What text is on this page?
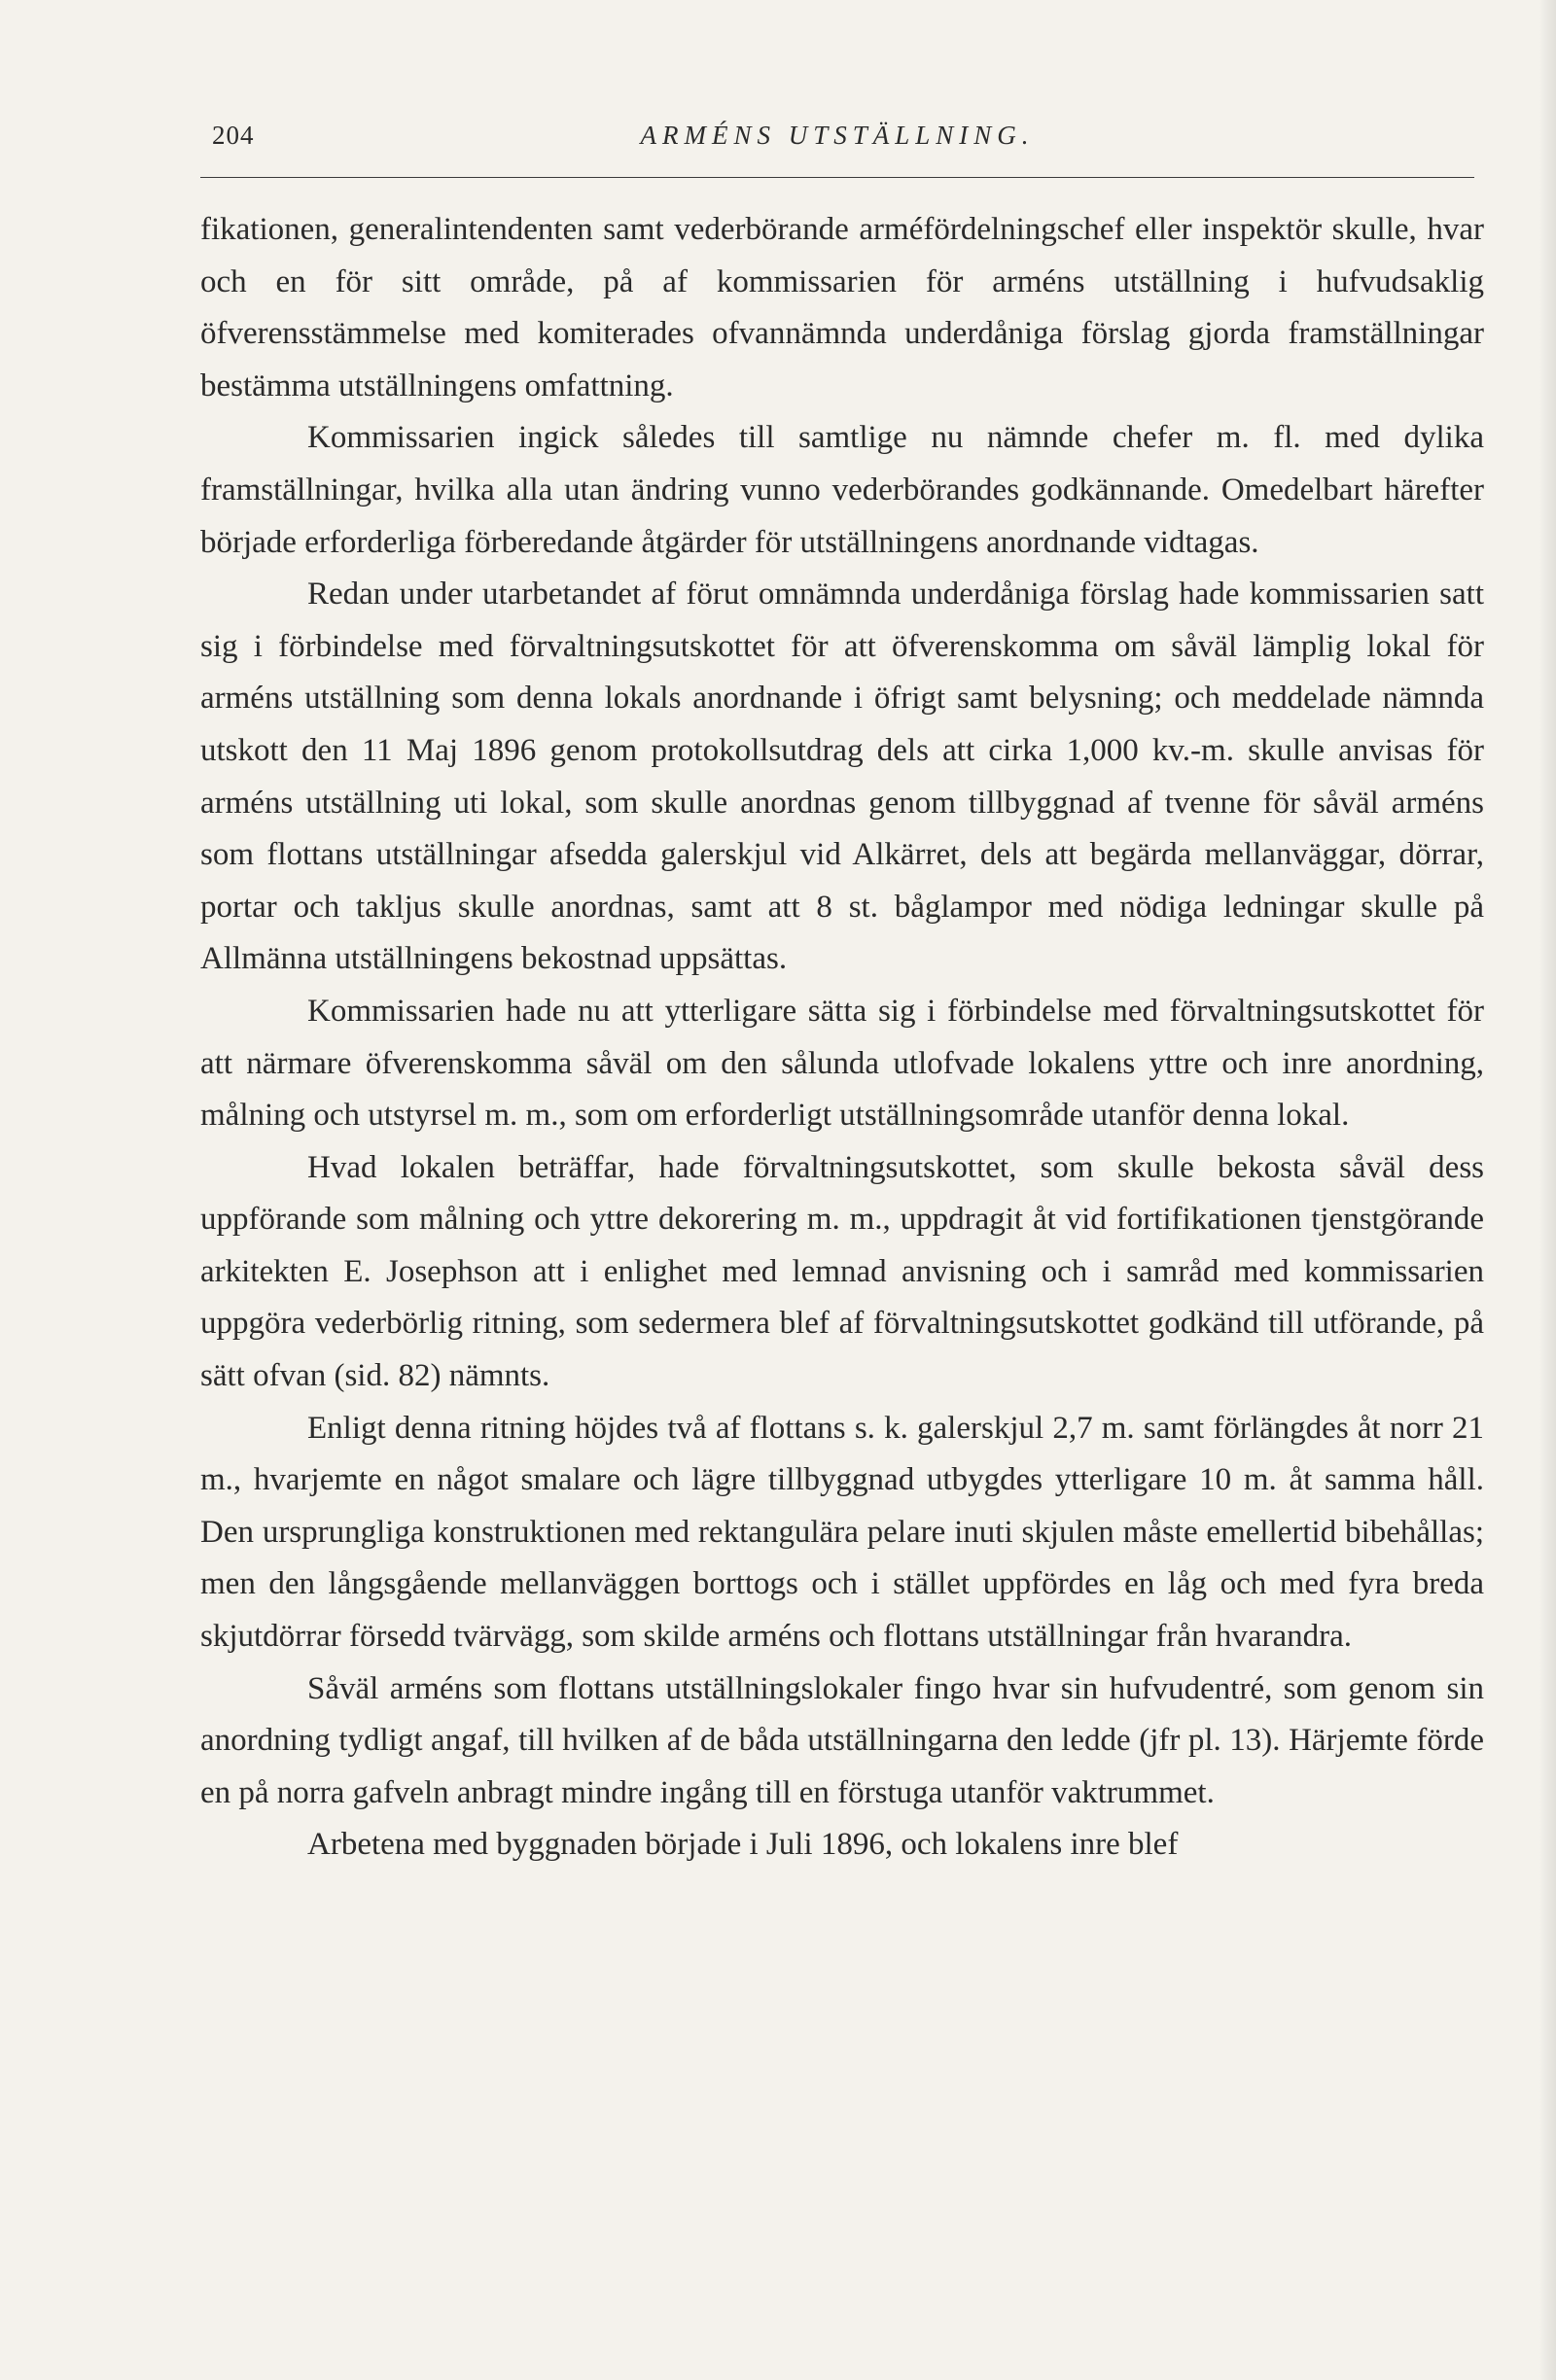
204	ARMÉNS UTSTÄLLNING.

fikationen, generalintendenten samt vederbörande arméfördelningschef eller inspektör skulle, hvar och en för sitt område, på af kommissarien för arméns utställning i hufvudsaklig öfverensstämmelse med komiterades ofvannämnda underdåniga förslag gjorda framställningar bestämma utställningens omfattning.

Kommissarien ingick således till samtlige nu nämnde chefer m. fl. med dylika framställningar, hvilka alla utan ändring vunno vederbörandes godkännande. Omedelbart härefter började erforderliga förberedande åtgärder för utställningens anordnande vidtagas.

Redan under utarbetandet af förut omnämnda underdåniga förslag hade kommissarien satt sig i förbindelse med förvaltningsutskottet för att öfverenskomma om såväl lämplig lokal för arméns utställning som denna lokals anordnande i öfrigt samt belysning; och meddelade nämnda utskott den 11 Maj 1896 genom protokollsutdrag dels att cirka 1,000 kv.-m. skulle anvisas för arméns utställning uti lokal, som skulle anordnas genom tillbyggnad af tvenne för såväl arméns som flottans utställningar afsedda galerskjul vid Alkärret, dels att begärda mellanväggar, dörrar, portar och takljus skulle anordnas, samt att 8 st. båglampor med nödiga ledningar skulle på Allmänna utställningens bekostnad uppsättas.

Kommissarien hade nu att ytterligare sätta sig i förbindelse med förvaltningsutskottet för att närmare öfverenskomma såväl om den sålunda utlofvade lokalens yttre och inre anordning, målning och utstyrsel m. m., som om erforderligt utställningsområde utanför denna lokal.

Hvad lokalen beträffar, hade förvaltningsutskottet, som skulle bekosta såväl dess uppförande som målning och yttre dekorering m. m., uppdragit åt vid fortifikationen tjenstgörande arkitekten E. Josephson att i enlighet med lemnad anvisning och i samråd med kommissarien uppgöra vederbörlig ritning, som sedermera blef af förvaltningsutskottet godkänd till utförande, på sätt ofvan (sid. 82) nämnts.

Enligt denna ritning höjdes två af flottans s. k. galerskjul 2,7 m. samt förlängdes åt norr 21 m., hvarjemte en något smalare och lägre tillbyggnad utbygdes ytterligare 10 m. åt samma håll. Den ursprungliga konstruktionen med rektangulära pelare inuti skjulen måste emellertid bibehållas; men den långsgående mellanväggen borttogs och i stället uppfördes en låg och med fyra breda skjutdörrar försedd tvärvägg, som skilde arméns och flottans utställningar från hvarandra.

Såväl arméns som flottans utställningslokaler fingo hvar sin hufvudentré, som genom sin anordning tydligt angaf, till hvilken af de båda utställningarna den ledde (jfr pl. 13). Härjemte förde en på norra gafveln anbragt mindre ingång till en förstuga utanför vaktrummet.

Arbetena med byggnaden började i Juli 1896, och lokalens inre blef
